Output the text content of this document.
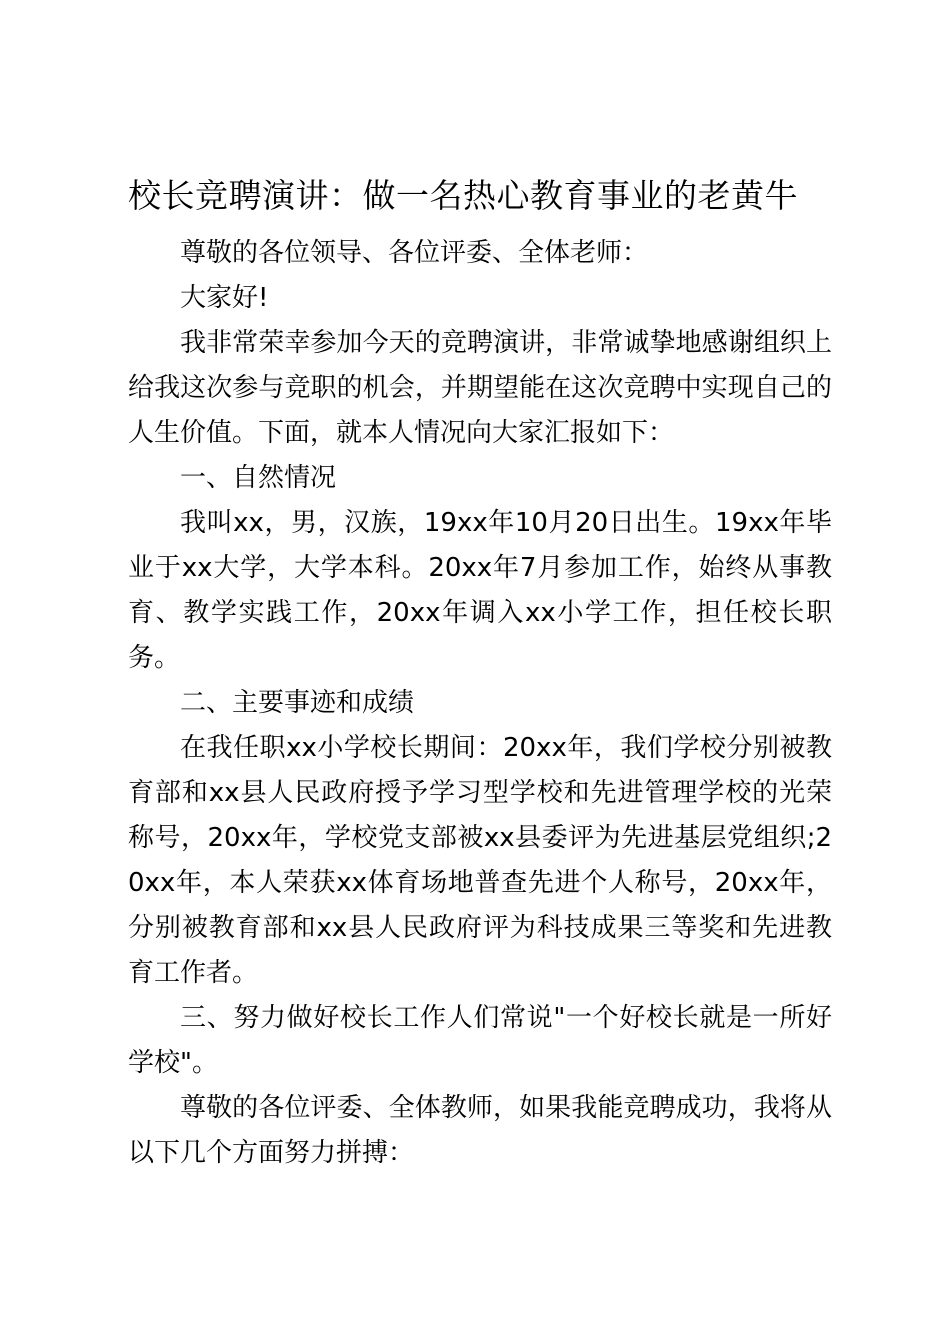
校长竞聘演讲：做一名热心教育事业的老黄牛

尊敬的各位领导、各位评委、全体老师：

大家好!

我非常荣幸参加今天的竞聘演讲，非常诚挚地感谢组织上给我这次参与竞职的机会，并期望能在这次竞聘中实现自己的人生价值。下面，就本人情况向大家汇报如下：

一、自然情况

我叫xx，男，汉族，19xx年10月20日出生。19xx年毕业于xx大学，大学本科。20xx年7月参加工作，始终从事教育、教学实践工作，20xx年调入xx小学工作，担任校长职务。

二、主要事迹和成绩

在我任职xx小学校长期间：20xx年，我们学校分别被教育部和xx县人民政府授予学习型学校和先进管理学校的光荣称号，20xx年，学校党支部被xx县委评为先进基层党组织;20xx年，本人荣获xx体育场地普查先进个人称号，20xx年，分别被教育部和xx县人民政府评为科技成果三等奖和先进教育工作者。

三、努力做好校长工作人们常说"一个好校长就是一所好学校"。

尊敬的各位评委、全体教师，如果我能竞聘成功，我将从以下几个方面努力拼搏：
